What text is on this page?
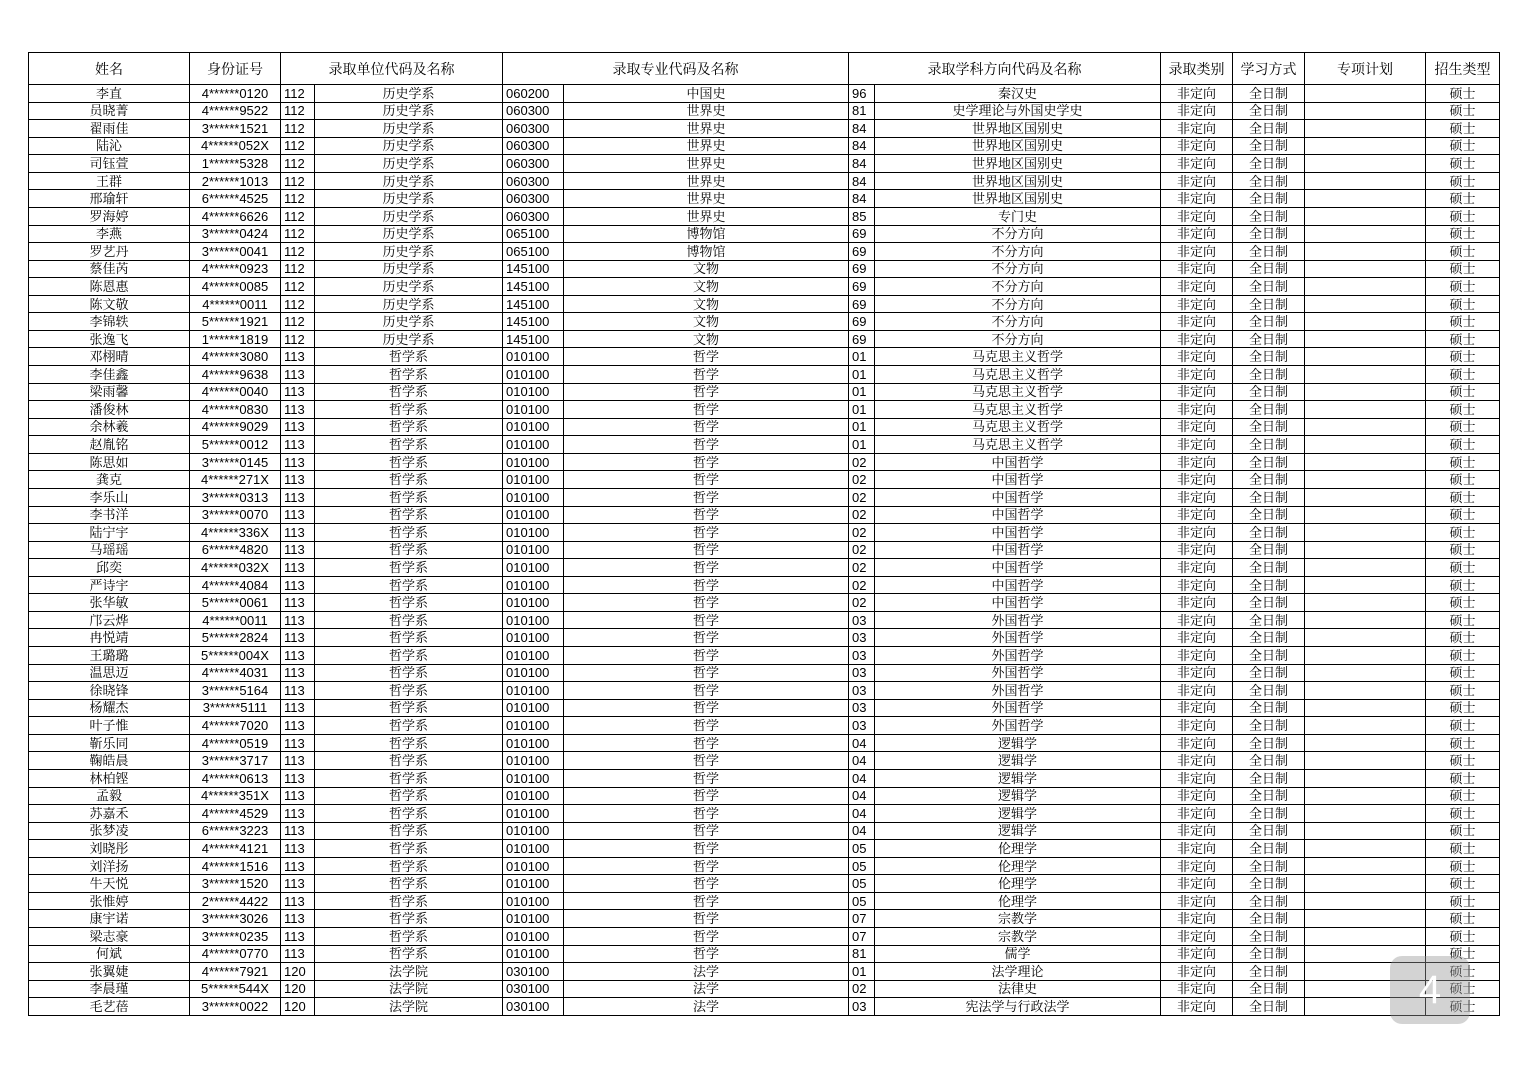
姓名	身份证号	录取单位代码及名称		录取专业代码及名称		录取学科方向代码及名称		录取类别	学习方式	专项计划	招生类型
李直	4******0120	112	历史学系	060200	中国史	96	秦汉史	非定向	全日制		硕士
员晓菁	4******9522	112	历史学系	060300	世界史	81	史学理论与外国史学史	非定向	全日制		硕士
翟雨佳	3******1521	112	历史学系	060300	世界史	84	世界地区国别史	非定向	全日制		硕士
陆沁	4******052X	112	历史学系	060300	世界史	84	世界地区国别史	非定向	全日制		硕士
司钰萱	1******5328	112	历史学系	060300	世界史	84	世界地区国别史	非定向	全日制		硕士
王群	2******1013	112	历史学系	060300	世界史	84	世界地区国别史	非定向	全日制		硕士
邢瑜轩	6******4525	112	历史学系	060300	世界史	84	世界地区国别史	非定向	全日制		硕士
罗海婷	4******6626	112	历史学系	060300	世界史	85	专门史	非定向	全日制		硕士
李燕	3******0424	112	历史学系	065100	博物馆	69	不分方向	非定向	全日制		硕士
罗艺丹	3******0041	112	历史学系	065100	博物馆	69	不分方向	非定向	全日制		硕士
蔡佳芮	4******0923	112	历史学系	145100	文物	69	不分方向	非定向	全日制		硕士
陈恩惠	4******0085	112	历史学系	145100	文物	69	不分方向	非定向	全日制		硕士
陈文敬	4******0011	112	历史学系	145100	文物	69	不分方向	非定向	全日制		硕士
李锦轶	5******1921	112	历史学系	145100	文物	69	不分方向	非定向	全日制		硕士
张逸飞	1******1819	112	历史学系	145100	文物	69	不分方向	非定向	全日制		硕士
邓栩晴	4******3080	113	哲学系	010100	哲学	01	马克思主义哲学	非定向	全日制		硕士
李佳鑫	4******9638	113	哲学系	010100	哲学	01	马克思主义哲学	非定向	全日制		硕士
梁雨馨	4******0040	113	哲学系	010100	哲学	01	马克思主义哲学	非定向	全日制		硕士
潘俊林	4******0830	113	哲学系	010100	哲学	01	马克思主义哲学	非定向	全日制		硕士
余林羲	4******9029	113	哲学系	010100	哲学	01	马克思主义哲学	非定向	全日制		硕士
赵胤铭	5******0012	113	哲学系	010100	哲学	01	马克思主义哲学	非定向	全日制		硕士
陈思如	3******0145	113	哲学系	010100	哲学	02	中国哲学	非定向	全日制		硕士
龚克	4******271X	113	哲学系	010100	哲学	02	中国哲学	非定向	全日制		硕士
李乐山	3******0313	113	哲学系	010100	哲学	02	中国哲学	非定向	全日制		硕士
李书洋	3******0070	113	哲学系	010100	哲学	02	中国哲学	非定向	全日制		硕士
陆宁宇	4******336X	113	哲学系	010100	哲学	02	中国哲学	非定向	全日制		硕士
马瑶瑶	6******4820	113	哲学系	010100	哲学	02	中国哲学	非定向	全日制		硕士
邱奕	4******032X	113	哲学系	010100	哲学	02	中国哲学	非定向	全日制		硕士
严诗宇	4******4084	113	哲学系	010100	哲学	02	中国哲学	非定向	全日制		硕士
张华敏	5******0061	113	哲学系	010100	哲学	02	中国哲学	非定向	全日制		硕士
邝云烨	4******0011	113	哲学系	010100	哲学	03	外国哲学	非定向	全日制		硕士
冉悦靖	5******2824	113	哲学系	010100	哲学	03	外国哲学	非定向	全日制		硕士
王璐璐	5******004X	113	哲学系	010100	哲学	03	外国哲学	非定向	全日制		硕士
温思迈	4******4031	113	哲学系	010100	哲学	03	外国哲学	非定向	全日制		硕士
徐晓锋	3******5164	113	哲学系	010100	哲学	03	外国哲学	非定向	全日制		硕士
杨耀杰	3******5111	113	哲学系	010100	哲学	03	外国哲学	非定向	全日制		硕士
叶子惟	4******7020	113	哲学系	010100	哲学	03	外国哲学	非定向	全日制		硕士
靳乐同	4******0519	113	哲学系	010100	哲学	04	逻辑学	非定向	全日制		硕士
鞠皓晨	3******3717	113	哲学系	010100	哲学	04	逻辑学	非定向	全日制		硕士
林柏铿	4******0613	113	哲学系	010100	哲学	04	逻辑学	非定向	全日制		硕士
孟毅	4******351X	113	哲学系	010100	哲学	04	逻辑学	非定向	全日制		硕士
苏嘉禾	4******4529	113	哲学系	010100	哲学	04	逻辑学	非定向	全日制		硕士
张梦凌	6******3223	113	哲学系	010100	哲学	04	逻辑学	非定向	全日制		硕士
刘晓彤	4******4121	113	哲学系	010100	哲学	05	伦理学	非定向	全日制		硕士
刘洋扬	4******1516	113	哲学系	010100	哲学	05	伦理学	非定向	全日制		硕士
牛天悦	3******1520	113	哲学系	010100	哲学	05	伦理学	非定向	全日制		硕士
张惟婷	2******4422	113	哲学系	010100	哲学	05	伦理学	非定向	全日制		硕士
康宇诺	3******3026	113	哲学系	010100	哲学	07	宗教学	非定向	全日制		硕士
梁志豪	3******0235	113	哲学系	010100	哲学	07	宗教学	非定向	全日制		硕士
何斌	4******0770	113	哲学系	010100	哲学	81	儒学	非定向	全日制		硕士
张翼婕	4******7921	120	法学院	030100	法学	01	法学理论	非定向	全日制		硕士
李晨瑾	5******544X	120	法学院	030100	法学	02	法律史	非定向	全日制		硕士
毛艺蓓	3******0022	120	法学院	030100	法学	03	宪法学与行政法学	非定向	全日制		硕士
4
